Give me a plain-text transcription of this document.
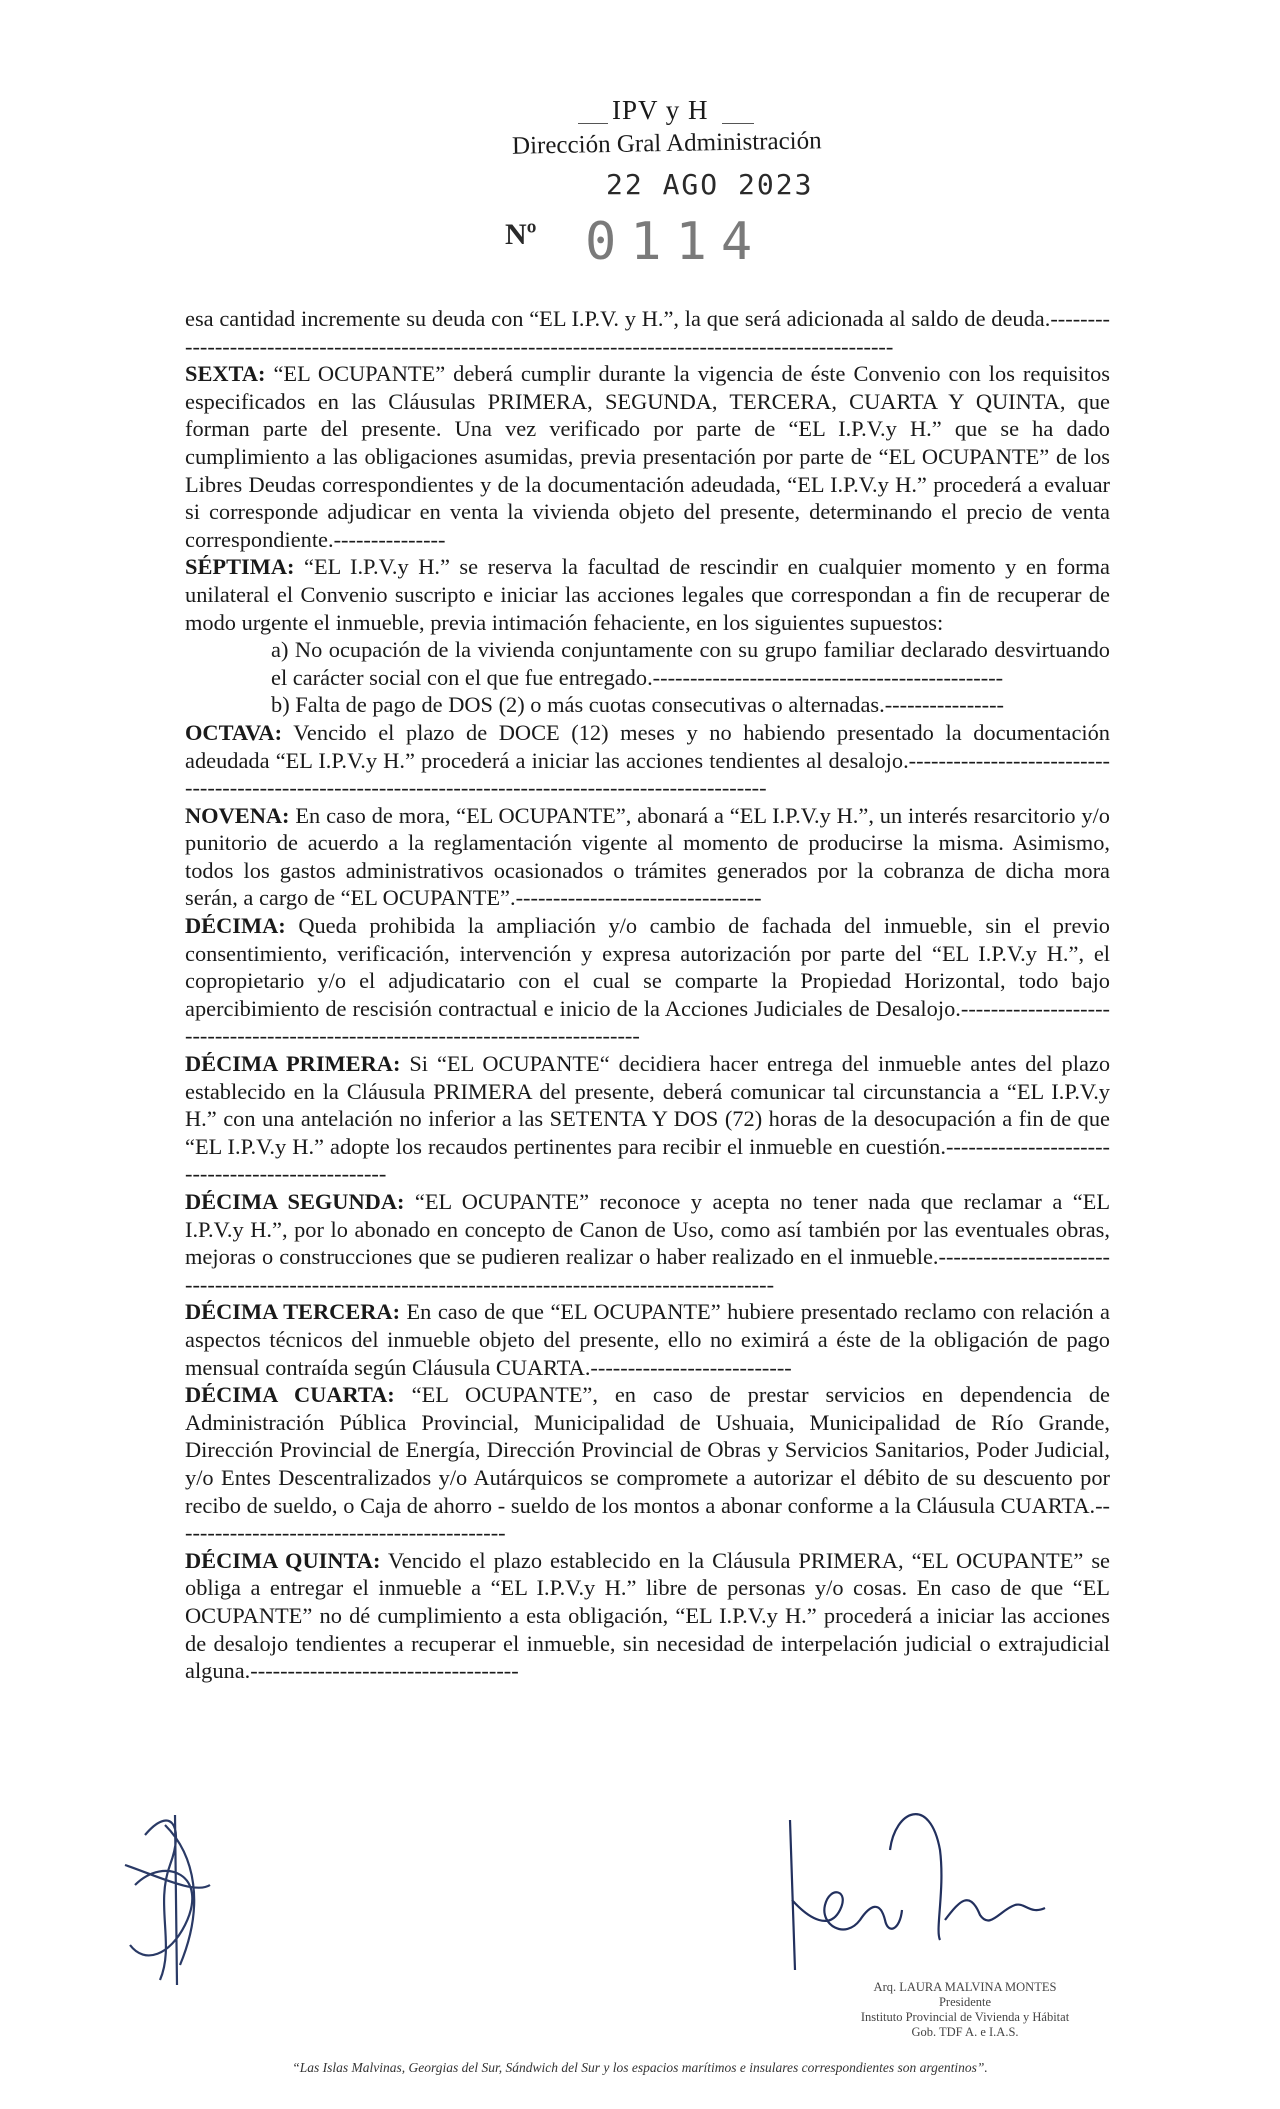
IPV y H
Dirección Gral Administración
22 AGO 2023
Nº 0114

esa cantidad incremente su deuda con “EL I.P.V. y H.”, la que será adicionada al saldo de deuda.-------------------------------------------------------------------------------------------------------

SEXTA: “EL OCUPANTE” deberá cumplir durante la vigencia de éste Convenio con los requisitos especificados en las Cláusulas PRIMERA, SEGUNDA, TERCERA, CUARTA Y QUINTA, que forman parte del presente. Una vez verificado por parte de “EL I.P.V.y H.” que se ha dado cumplimiento a las obligaciones asumidas, previa presentación por parte de “EL OCUPANTE” de los Libres Deudas correspondientes y de la documentación adeudada, “EL I.P.V.y H.” procederá a evaluar si corresponde adjudicar en venta la vivienda objeto del presente, determinando el precio de venta correspondiente.---------------

SÉPTIMA: “EL I.P.V.y H.” se reserva la facultad de rescindir en cualquier momento y en forma unilateral el Convenio suscripto e iniciar las acciones legales que correspondan a fin de recuperar de modo urgente el inmueble, previa intimación fehaciente, en los siguientes supuestos:

a) No ocupación de la vivienda conjuntamente con su grupo familiar declarado desvirtuando el carácter social con el que fue entregado.-----------------------------------------------

b) Falta de pago de DOS (2) o más cuotas consecutivas o alternadas.----------------

OCTAVA: Vencido el plazo de DOCE (12) meses y no habiendo presentado la documentación adeudada “EL I.P.V.y H.” procederá a iniciar las acciones tendientes al desalojo.---------------------------------------------------------------------------------------------------------

NOVENA: En caso de mora, “EL OCUPANTE”, abonará a “EL I.P.V.y H.”, un interés resarcitorio y/o punitorio de acuerdo a la reglamentación vigente al momento de producirse la misma. Asimismo, todos los gastos administrativos ocasionados o trámites generados por la cobranza de dicha mora serán, a cargo de “EL OCUPANTE”.---------------------------------

DÉCIMA: Queda prohibida la ampliación y/o cambio de fachada del inmueble, sin el previo consentimiento, verificación, intervención y expresa autorización por parte del “EL I.P.V.y H.”, el copropietario y/o el adjudicatario con el cual se comparte la Propiedad Horizontal, todo bajo apercibimiento de rescisión contractual e inicio de la Acciones Judiciales de Desalojo.---------------------------------------------------------------------------------

DÉCIMA PRIMERA: Si “EL OCUPANTE“ decidiera hacer entrega del inmueble antes del plazo establecido en la Cláusula PRIMERA del presente, deberá comunicar tal circunstancia a “EL I.P.V.y H.” con una antelación no inferior a las SETENTA Y DOS (72) horas de la desocupación a fin de que “EL I.P.V.y H.” adopte los recaudos pertinentes para recibir el inmueble en cuestión.-------------------------------------------------

DÉCIMA SEGUNDA: “EL OCUPANTE” reconoce y acepta no tener nada que reclamar a “EL I.P.V.y H.”, por lo abonado en concepto de Canon de Uso, como así también por las eventuales obras, mejoras o construcciones que se pudieren realizar o haber realizado en el inmueble.------------------------------------------------------------------------------------------------------

DÉCIMA TERCERA: En caso de que “EL OCUPANTE” hubiere presentado reclamo con relación a aspectos técnicos del inmueble objeto del presente, ello no eximirá a éste de la obligación de pago mensual contraída según Cláusula CUARTA.---------------------------

DÉCIMA CUARTA: “EL OCUPANTE”, en caso de prestar servicios en dependencia de Administración Pública Provincial, Municipalidad de Ushuaia, Municipalidad de Río Grande, Dirección Provincial de Energía, Dirección Provincial de Obras y Servicios Sanitarios, Poder Judicial, y/o Entes Descentralizados y/o Autárquicos se compromete a autorizar el débito de su descuento por recibo de sueldo, o Caja de ahorro - sueldo de los montos a abonar conforme a la Cláusula CUARTA.---------------------------------------------

DÉCIMA QUINTA: Vencido el plazo establecido en la Cláusula PRIMERA, “EL OCUPANTE” se obliga a entregar el inmueble a “EL I.P.V.y H.” libre de personas y/o cosas. En caso de que “EL OCUPANTE” no dé cumplimiento a esta obligación, “EL I.P.V.y H.” procederá a iniciar las acciones de desalojo tendientes a recuperar el inmueble, sin necesidad de interpelación judicial o extrajudicial alguna.------------------------------------

Arq. LAURA MALVINA MONTES
Presidente
Instituto Provincial de Vivienda y Hábitat
Gob. TDF A. e I.A.S.
“Las Islas Malvinas, Georgias del Sur, Sándwich del Sur y los espacios marítimos e insulares correspondientes son argentinos”.
